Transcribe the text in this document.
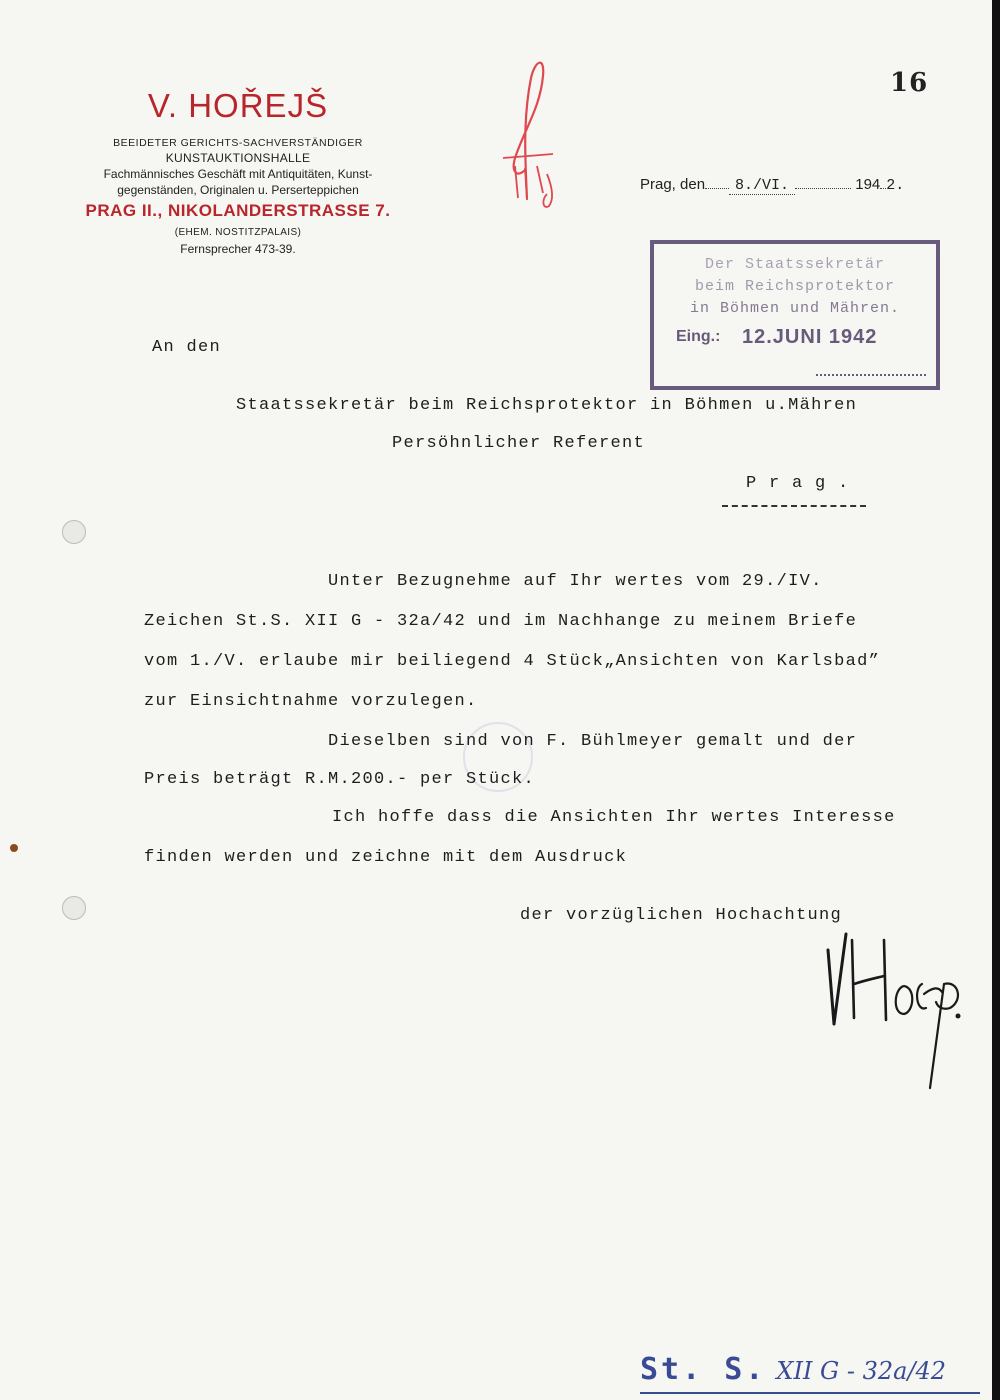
16
V. HOŘEJŠ
BEEIDETER GERICHTS-SACHVERSTÄNDIGER
KUNSTAUKTIONSHALLE
Fachmännisches Geschäft mit Antiquitäten, Kunst-
gegenständen, Originalen u. Perserteppichen
PRAG II., NIKOLANDERSTRASSE 7.
(EHEM. NOSTITZPALAIS)
Fernsprecher 473-39.
Prag, den 8./VI.	194 2.
Der Staatssekretär
beim Reichsprotektor
in Böhmen und Mähren.
Eing.: 12.JUNI 1942
An den
Staatssekretär beim Reichsprotektor in Böhmen u.Mähren
Persöhnlicher Referent
P r a g .
Unter Bezugnehme auf Ihr wertes vom 29./IV.
Zeichen St.S. XII G - 32a/42 und im Nachhange zu meinem Briefe
vom 1./V. erlaube mir beiliegend 4 Stück„Ansichten von Karlsbad”
zur Einsichtnahme vorzulegen.
Dieselben sind von F. Bühlmeyer gemalt und der
Preis beträgt R.M.200.- per Stück.
Ich hoffe dass die Ansichten Ihr wertes Interesse
finden werden und zeichne mit dem Ausdruck
der vorzüglichen Hochachtung
St. S. XII G - 32a/42
